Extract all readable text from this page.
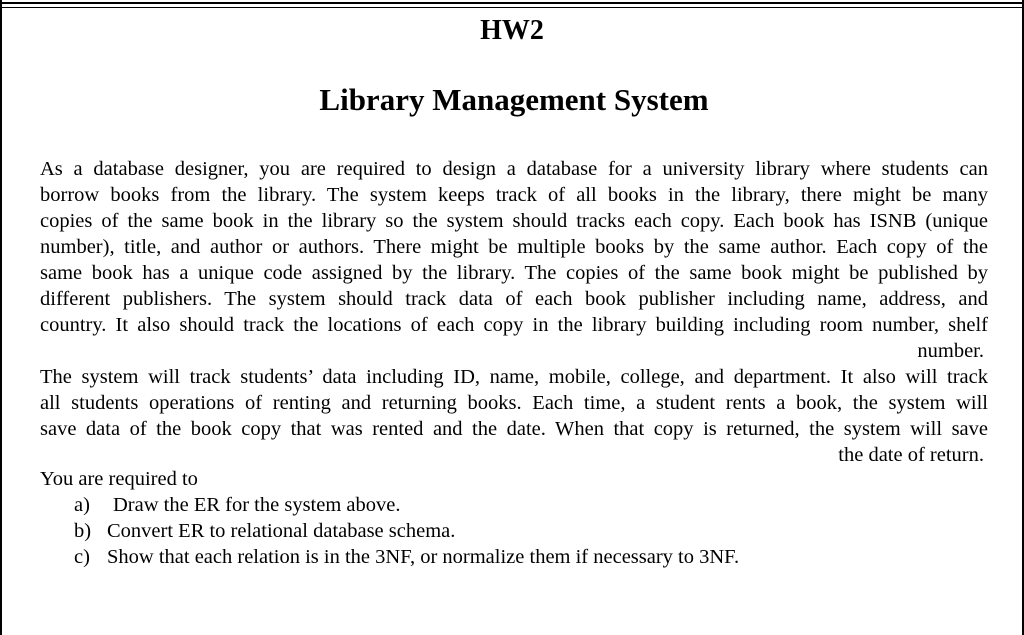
HW2
Library Management System
As a database designer, you are required to design a database for a university library where students can
borrow books from the library. The system keeps track of all books in the library, there might be many
copies of the same book in the library so the system should tracks each copy. Each book has ISNB (unique
number), title, and author or authors. There might be multiple books by the same author. Each copy of the
same book has a unique code assigned by the library. The copies of the same book might be published by
different publishers. The system should track data of each book publisher including name, address, and
country. It also should track the locations of each copy in the library building including room number, shelf
number.
The system will track students’ data including ID, name, mobile, college, and department. It also will track
all students operations of renting and returning books. Each time, a student rents a book, the system will
save data of the book copy that was rented and the date. When that copy is returned, the system will save
the date of return.
You are required to
a) Draw the ER for the system above.
b) Convert ER to relational database schema.
c) Show that each relation is in the 3NF, or normalize them if necessary to 3NF.
